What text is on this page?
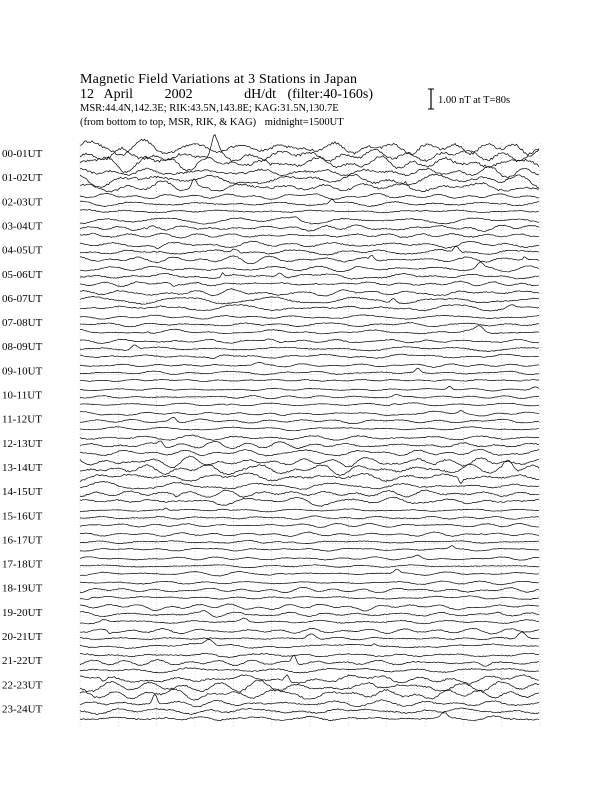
Magnetic Field Variations at 3 Stations in Japan
12 April 2002	dH/dt (filter:40-160s)
MSR:44.4N,142.3E; RIK:43.5N,143.8E; KAG:31.5N,130.7E
(from bottom to top, MSR, RIK, & KAG) midnight=1500UT
1.00 nT at T=80s
00-01UT
01-02UT
02-03UT
03-04UT
04-05UT
05-06UT
06-07UT
07-08UT
08-09UT
09-10UT
10-11UT
11-12UT
12-13UT
13-14UT
14-15UT
15-16UT
16-17UT
17-18UT
18-19UT
19-20UT
20-21UT
21-22UT
22-23UT
23-24UT
